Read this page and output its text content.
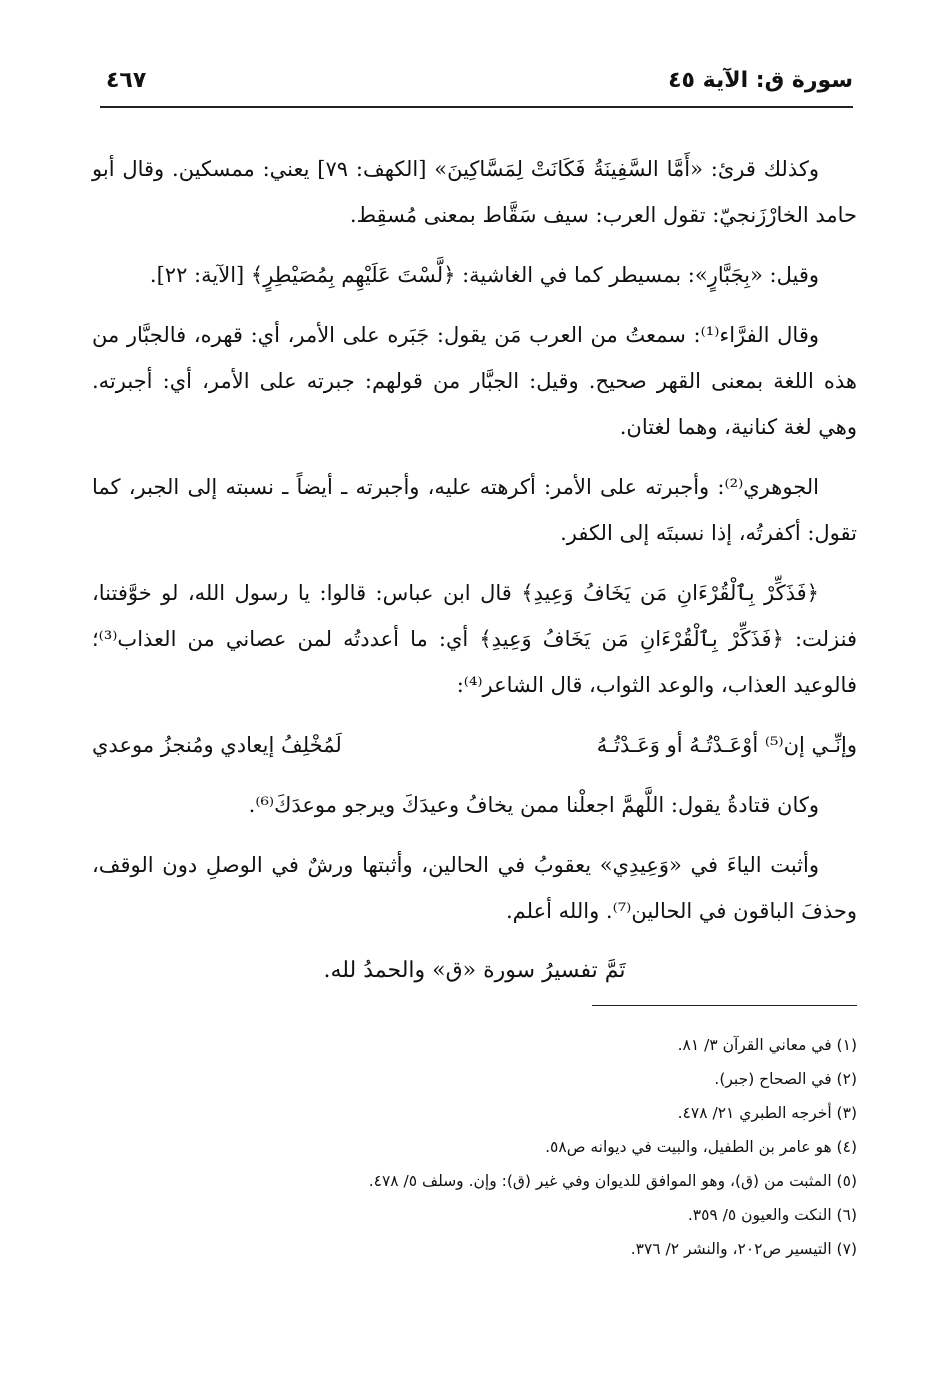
سورة ق: الآية ٤٥
٤٦٧

وكذلك قرئ: «أَمَّا السَّفِينَةُ فَكَانَتْ لِمَسَّاكِينَ» [الكهف: ٧٩] يعني: ممسكين. وقال أبو حامد الخارْزَنجيّ: تقول العرب: سيف سَقَّاط بمعنى مُسقِط.

وقيل: «بِجَبَّارٍ»: بمسيطر كما في الغاشية: ﴿لَّسْتَ عَلَيْهِم بِمُصَيْطِرٍ﴾ [الآية: ٢٢].

وقال الفرَّاء⁽¹⁾: سمعتُ من العرب مَن يقول: جَبَره على الأمر، أي: قهره، فالجبَّار من هذه اللغة بمعنى القهر صحيح. وقيل: الجبَّار من قولهم: جبرته على الأمر، أي: أجبرته. وهي لغة كنانية، وهما لغتان.

الجوهري⁽²⁾: وأجبرته على الأمر: أكرهته عليه، وأجبرته ـ أيضاً ـ نسبته إلى الجبر، كما تقول: أكفرتُه، إذا نسبتَه إلى الكفر.

﴿فَذَكِّرْ بِٱلْقُرْءَانِ مَن يَخَافُ وَعِيدِ﴾ قال ابن عباس: قالوا: يا رسول الله، لو خوَّفتنا، فنزلت: ﴿فَذَكِّرْ بِٱلْقُرْءَانِ مَن يَخَافُ وَعِيدِ﴾ أي: ما أعددتُه لمن عصاني من العذاب⁽³⁾؛ فالوعيد العذاب، والوعد الثواب، قال الشاعر⁽⁴⁾:

وإنِّـي إن⁽⁵⁾ أوْعَـدْتُـهُ أو وَعَـدْتُـهُ
لَمُخْلِفُ إيعادي ومُنجزُ موعدي

وكان قتادةُ يقول: اللَّهمَّ اجعلْنا ممن يخافُ وعيدَكَ ويرجو موعدَكَ⁽⁶⁾.

وأثبت الياءَ في «وَعِيدِي» يعقوبُ في الحالين، وأثبتها ورشٌ في الوصلِ دون الوقف، وحذفَ الباقون في الحالين⁽⁷⁾. والله أعلم.

تَمَّ تفسيرُ سورة «ق» والحمدُ لله.

(١) في معاني القرآن ٣/ ٨١.
(٢) في الصحاح (جبر).
(٣) أخرجه الطبري ٢١/ ٤٧٨.
(٤) هو عامر بن الطفيل، والبيت في ديوانه ص٥٨.
(٥) المثبت من (ق)، وهو الموافق للديوان وفي غير (ق): وإن. وسلف ٥/ ٤٧٨.
(٦) النكت والعيون ٥/ ٣٥٩.
(٧) التيسير ص٢٠٢، والنشر ٢/ ٣٧٦.
